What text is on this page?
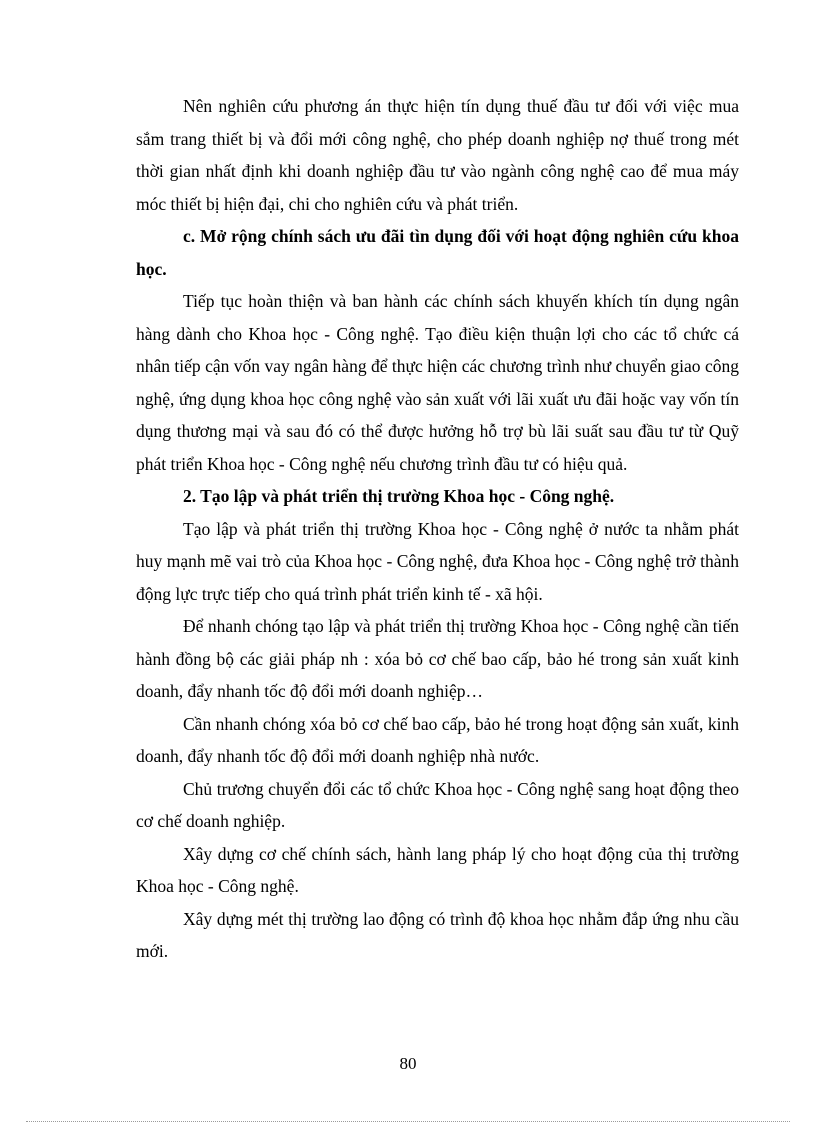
Nên nghiên cứu phương án thực hiện tín dụng thuế đầu tư đối với việc mua sắm trang thiết bị và đổi mới công nghệ, cho phép doanh nghiệp nợ thuế trong mét thời gian nhất định khi doanh nghiệp đầu tư vào ngành công nghệ cao để mua máy móc thiết bị hiện đại, chi cho nghiên cứu và phát triển.

c. Mở rộng chính sách ưu đãi tìn dụng đối với hoạt động nghiên cứu khoa học.

Tiếp tục hoàn thiện và ban hành các chính sách khuyến khích tín dụng ngân hàng dành cho Khoa học - Công nghệ. Tạo điều kiện thuận lợi cho các tổ chức cá nhân tiếp cận vốn vay ngân hàng để thực hiện các chương trình như chuyển giao công nghệ, ứng dụng khoa học công nghệ vào sản xuất với lãi xuất ưu đãi hoặc vay vốn tín dụng thương mại và sau đó có thể được hưởng hỗ trợ bù lãi suất sau đầu tư từ Quỹ phát triển Khoa học - Công nghệ nếu chương trình đầu tư có hiệu quả.

2. Tạo lập và phát triển thị trường Khoa học - Công nghệ.

Tạo lập và phát triển thị trường Khoa học - Công nghệ ở nước ta nhằm phát huy mạnh mẽ vai trò của Khoa học - Công nghệ, đưa Khoa học - Công nghệ trở thành động lực trực tiếp cho quá trình phát triển kinh tế - xã hội.

Để nhanh chóng tạo lập và phát triển thị trường Khoa học - Công nghệ cần tiến hành đồng bộ các giải pháp nh : xóa bỏ cơ chế bao cấp, bảo hé trong sản xuất kinh doanh, đẩy nhanh tốc độ đổi mới doanh nghiệp…

Cần nhanh chóng xóa bỏ cơ chế bao cấp, bảo hé trong hoạt động sản xuất, kinh doanh, đẩy nhanh tốc độ đổi mới doanh nghiệp nhà nước.

Chủ trương chuyển đổi các tổ chức Khoa học - Công nghệ sang hoạt động theo cơ chế doanh nghiệp.

Xây dựng cơ chế chính sách, hành lang pháp lý cho hoạt động của thị trường Khoa học - Công nghệ.

Xây dựng mét thị trường lao động có trình độ khoa học nhằm đắp ứng nhu cầu mới.

80
